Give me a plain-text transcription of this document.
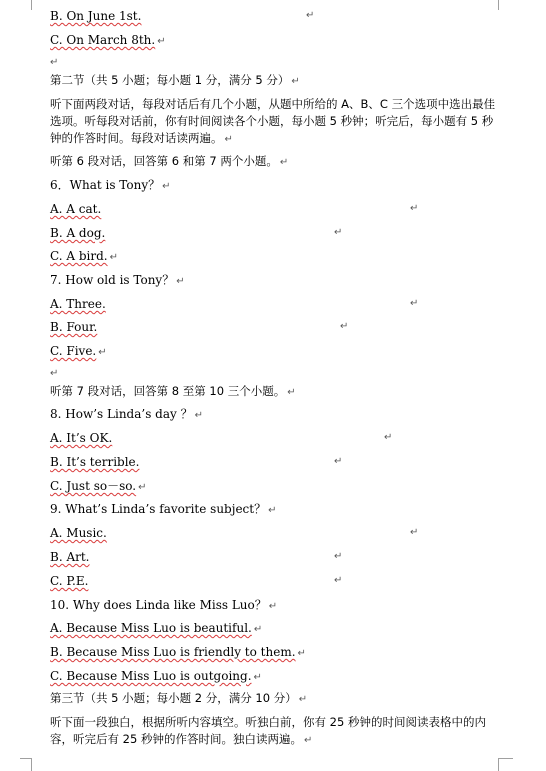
B. On June 1st.	↵
C. On March 8th. ↵
↵
第二节（共 5 小题；每小题 1 分，满分 5 分） ↵
听下面两段对话，每段对话后有几个小题，从题中所给的 A、B、C 三个选项中选出最佳选项。听每段对话前，你有时间阅读各个小题，每小题 5 秒钟；听完后，每小题有 5 秒钟的作答时间。每段对话读两遍。 ↵
听第 6 段对话，回答第 6 和第 7 两个小题。 ↵
6．What is Tony？ ↵
A. A cat.	↵
B. A dog.	↵
C. A bird. ↵
7. How old is Tony？ ↵
A. Three.	↵
B. Four.	↵
C. Five. ↵
↵
听第 7 段对话，回答第 8 至第 10 三个小题。 ↵
8. How’s Linda’s day ？ ↵
A. It’s OK.	↵
B. It’s terrible.	↵
C. Just so－so. ↵
9. What’s Linda’s favorite subject？ ↵
A. Music.	↵
B. Art.	↵
C. P.E.	↵
10. Why does Linda like Miss Luo？ ↵
A. Because Miss Luo is beautiful. ↵
B. Because Miss Luo is friendly to them. ↵
C. Because Miss Luo is outgoing. ↵
第三节（共 5 小题；每小题 2 分，满分 10 分） ↵
听下面一段独白，根据所听内容填空。听独白前，你有 25 秒钟的时间阅读表格中的内容，听完后有 25 秒钟的作答时间。独白读两遍。 ↵
